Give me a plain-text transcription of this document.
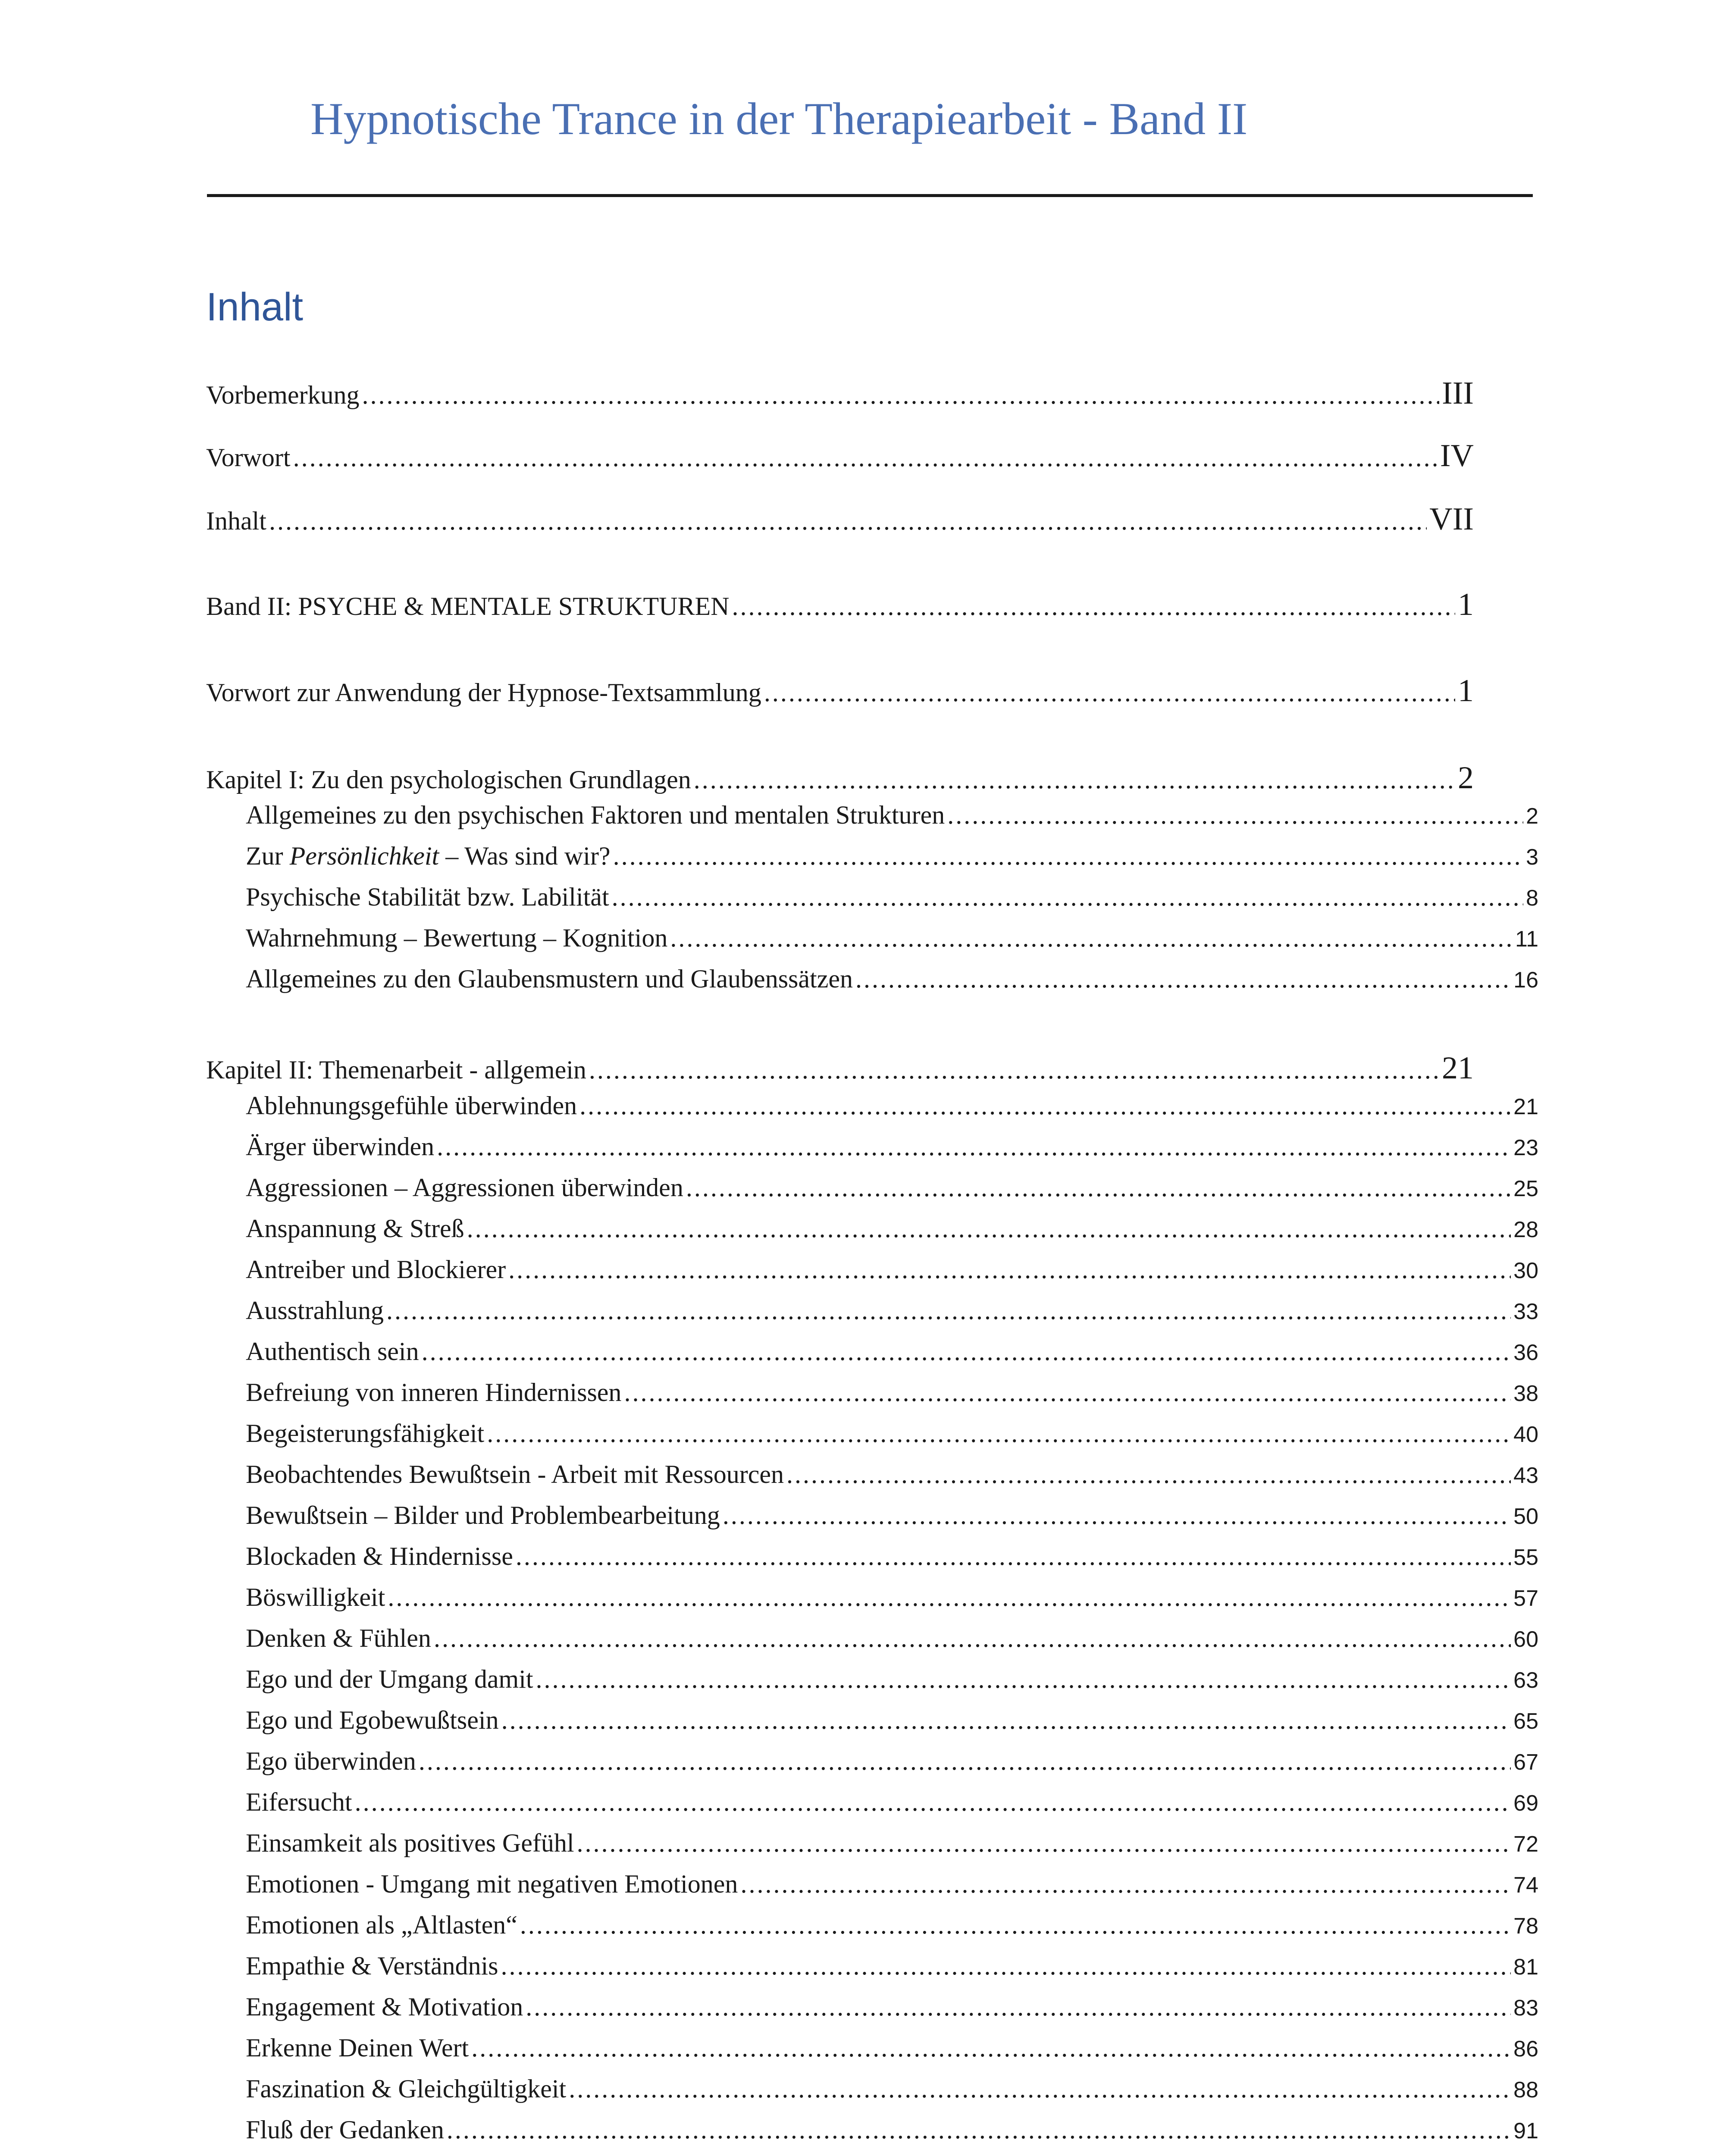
Hypnotische Trance in der Therapiearbeit - Band II
Inhalt
Vorbemerkung .....	III
Vorwort .....	IV
Inhalt .....	VII
Band II: PSYCHE & MENTALE STRUKTUREN .....	1
Vorwort zur Anwendung der Hypnose-Textsammlung .....	1
Kapitel I: Zu den psychologischen Grundlagen .....	2
Allgemeines zu den psychischen Faktoren und mentalen Strukturen .....	2
Zur Persönlichkeit – Was sind wir? .....	3
Psychische Stabilität bzw. Labilität .....	8
Wahrnehmung – Bewertung – Kognition .....	11
Allgemeines zu den Glaubensmustern und Glaubenssätzen .....	16
Kapitel II: Themenarbeit - allgemein .....	21
Ablehnungsgefühle überwinden .....	21
Ärger überwinden .....	23
Aggressionen – Aggressionen überwinden .....	25
Anspannung & Streß .....	28
Antreiber und Blockierer .....	30
Ausstrahlung .....	33
Authentisch sein .....	36
Befreiung von inneren Hindernissen .....	38
Begeisterungsfähigkeit .....	40
Beobachtendes Bewußtsein - Arbeit mit Ressourcen .....	43
Bewußtsein – Bilder und Problembearbeitung .....	50
Blockaden & Hindernisse .....	55
Böswilligkeit .....	57
Denken & Fühlen .....	60
Ego und der Umgang damit .....	63
Ego und Egobewußtsein .....	65
Ego überwinden .....	67
Eifersucht .....	69
Einsamkeit als positives Gefühl .....	72
Emotionen - Umgang mit negativen Emotionen .....	74
Emotionen als „Altlasten“ .....	78
Empathie & Verständnis .....	81
Engagement & Motivation .....	83
Erkenne Deinen Wert .....	86
Faszination & Gleichgültigkeit .....	88
Fluß der Gedanken .....	91
